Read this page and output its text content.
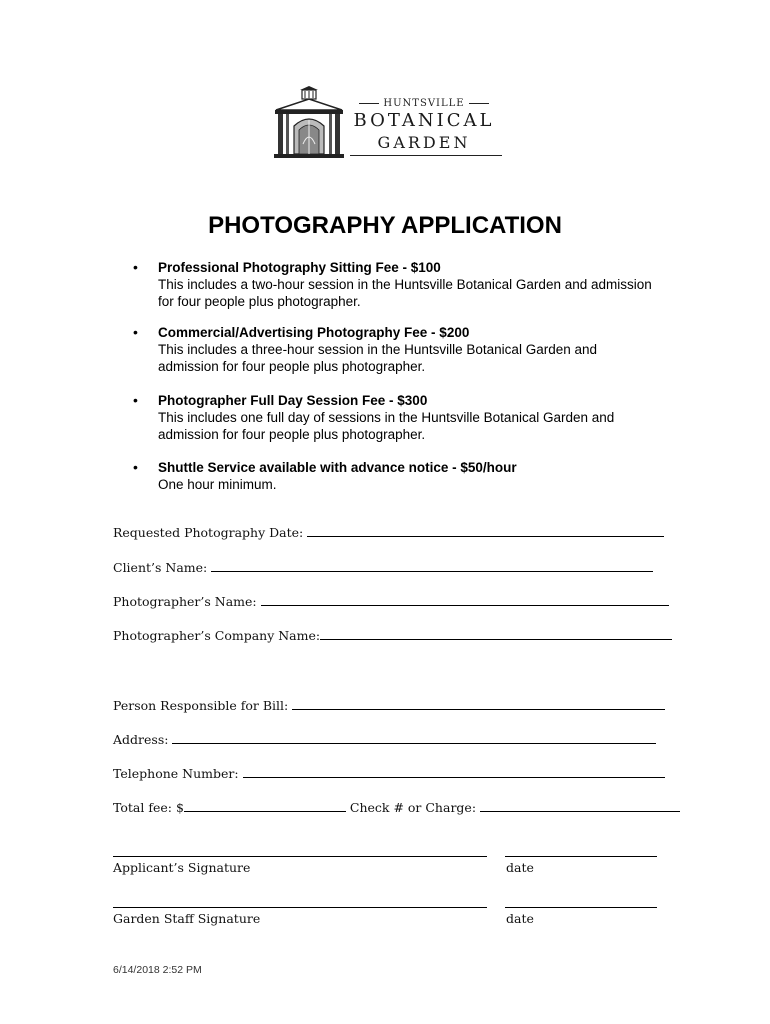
HUNTSVILLE
BOTANICAL
GARDEN
PHOTOGRAPHY APPLICATION
• Professional Photography Sitting Fee - $100
This includes a two-hour session in the Huntsville Botanical Garden and admission for four people plus photographer.
• Commercial/Advertising Photography Fee - $200
This includes a three-hour session in the Huntsville Botanical Garden and admission for four people plus photographer.
• Photographer Full Day Session Fee - $300
This includes one full day of sessions in the Huntsville Botanical Garden and admission for four people plus photographer.
• Shuttle Service available with advance notice - $50/hour
One hour minimum.
Requested Photography Date:
Client’s Name:
Photographer’s Name:
Photographer’s Company Name:
Person Responsible for Bill:
Address:
Telephone Number:
Total fee: $	Check # or Charge:
Applicant’s Signature	date
Garden Staff Signature	date
6/14/2018 2:52 PM
